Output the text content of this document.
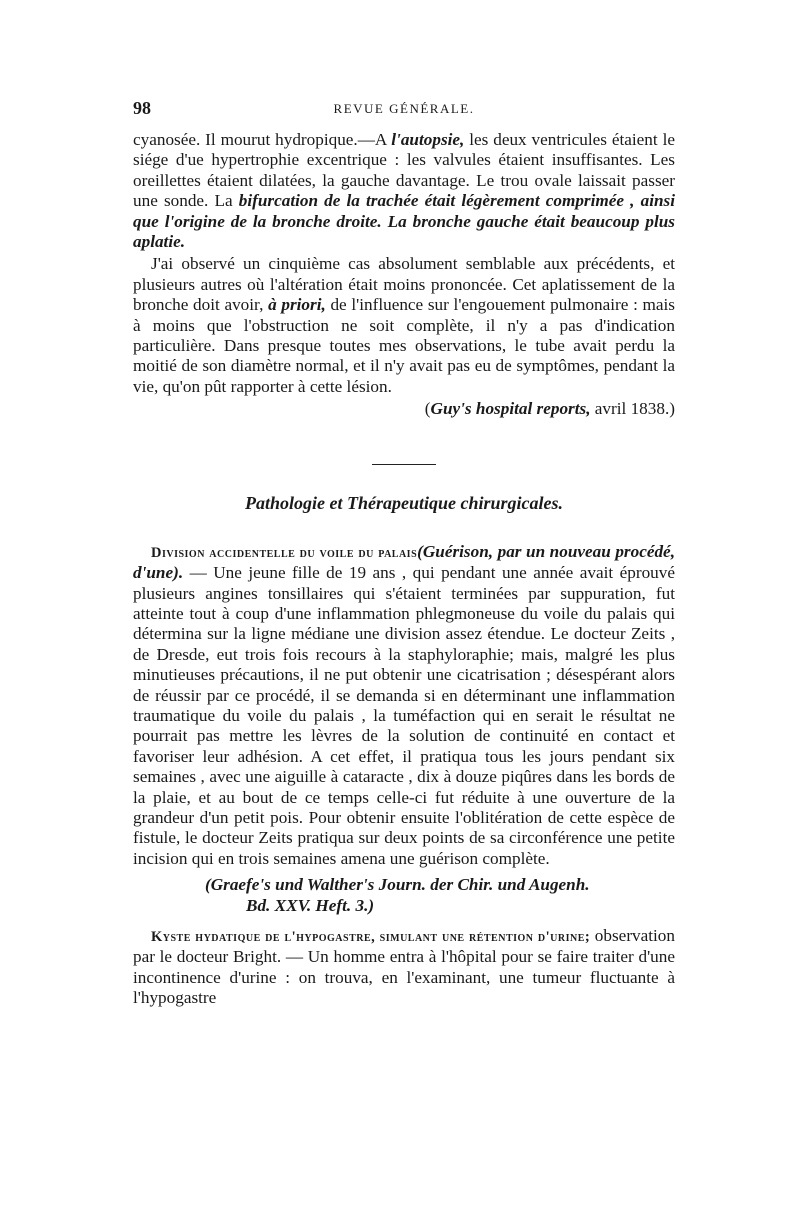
98	REVUE GÉNÉRALE.

cyanosée. Il mourut hydropique.—A l'autopsie, les deux ventricules étaient le siége d'ue hypertrophie excentrique : les valvules étaient insuffisantes. Les oreillettes étaient dilatées, la gauche davantage. Le trou ovale laissait passer une sonde. La bifurcation de la trachée était légèrement comprimée , ainsi que l'origine de la bronche droite. La bronche gauche était beaucoup plus aplatie.

J'ai observé un cinquième cas absolument semblable aux précédents, et plusieurs autres où l'altération était moins prononcée. Cet aplatissement de la bronche doit avoir, à priori, de l'influence sur l'engouement pulmonaire : mais à moins que l'obstruction ne soit complète, il n'y a pas d'indication particulière. Dans presque toutes mes observations, le tube avait perdu la moitié de son diamètre normal, et il n'y avait pas eu de symptômes, pendant la vie, qu'on pût rapporter à cette lésion.

(Guy's hospital reports, avril 1838.)

Pathologie et Thérapeutique chirurgicales.

Division accidentelle du voile du palais(Guérison, par un nouveau procédé, d'une). — Une jeune fille de 19 ans , qui pendant une année avait éprouvé plusieurs angines tonsillaires qui s'étaient terminées par suppuration, fut atteinte tout à coup d'une inflammation phlegmoneuse du voile du palais qui détermina sur la ligne médiane une division assez étendue. Le docteur Zeits , de Dresde, eut trois fois recours à la staphyloraphie; mais, malgré les plus minutieuses précautions, il ne put obtenir une cicatrisation ; désespérant alors de réussir par ce procédé, il se demanda si en déterminant une inflammation traumatique du voile du palais , la tuméfaction qui en serait le résultat ne pourrait pas mettre les lèvres de la solution de continuité en contact et favoriser leur adhésion. A cet effet, il pratiqua tous les jours pendant six semaines , avec une aiguille à cataracte , dix à douze piqûres dans les bords de la plaie, et au bout de ce temps celle-ci fut réduite à une ouverture de la grandeur d'un petit pois. Pour obtenir ensuite l'oblitération de cette espèce de fistule, le docteur Zeits pratiqua sur deux points de sa circonférence une petite incision qui en trois semaines amena une guérison complète.

(Graefe's und Walther's Journ. der Chir. und Augenh.
Bd. XXV. Heft. 3.)

Kyste hydatique de l'hypogastre, simulant une rétention d'urine; observation par le docteur Bright. — Un homme entra à l'hôpital pour se faire traiter d'une incontinence d'urine : on trouva, en l'examinant, une tumeur fluctuante à l'hypogastre
